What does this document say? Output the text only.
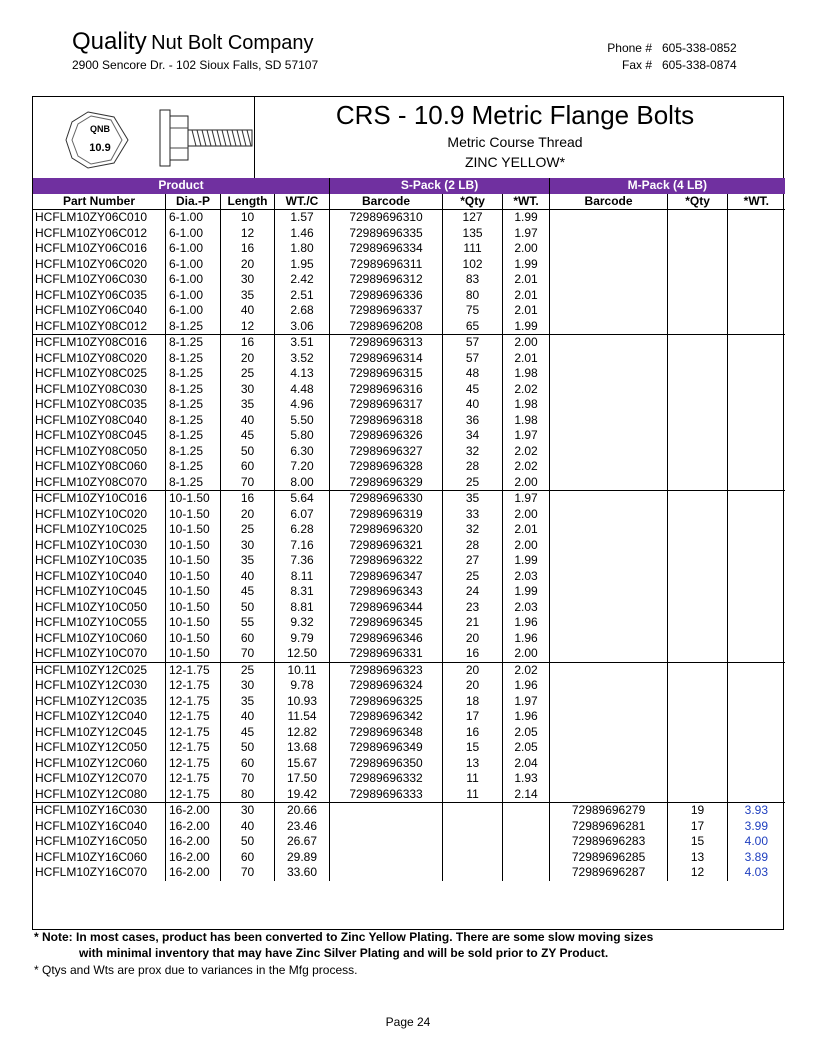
Quality Nut Bolt Company
2900 Sencore Dr. - 102 Sioux Falls, SD 57107
Phone # 605-338-0852
Fax # 605-338-0874
QNB
10.9
CRS - 10.9 Metric Flange Bolts
Metric Course Thread
ZINC YELLOW*
Product				S-Pack (2 LB)			M-Pack (4 LB)		
Part Number	Dia.-P	Length	WT./C	Barcode	*Qty	*WT.	Barcode	*Qty	*WT.
HCFLM10ZY06C010	6-1.00	10	1.57	72989696310	127	1.99			
HCFLM10ZY06C012	6-1.00	12	1.46	72989696335	135	1.97			
HCFLM10ZY06C016	6-1.00	16	1.80	72989696334	111	2.00			
HCFLM10ZY06C020	6-1.00	20	1.95	72989696311	102	1.99			
HCFLM10ZY06C030	6-1.00	30	2.42	72989696312	83	2.01			
HCFLM10ZY06C035	6-1.00	35	2.51	72989696336	80	2.01			
HCFLM10ZY06C040	6-1.00	40	2.68	72989696337	75	2.01			
HCFLM10ZY08C012	8-1.25	12	3.06	72989696208	65	1.99			
HCFLM10ZY08C016	8-1.25	16	3.51	72989696313	57	2.00			
HCFLM10ZY08C020	8-1.25	20	3.52	72989696314	57	2.01			
HCFLM10ZY08C025	8-1.25	25	4.13	72989696315	48	1.98			
HCFLM10ZY08C030	8-1.25	30	4.48	72989696316	45	2.02			
HCFLM10ZY08C035	8-1.25	35	4.96	72989696317	40	1.98			
HCFLM10ZY08C040	8-1.25	40	5.50	72989696318	36	1.98			
HCFLM10ZY08C045	8-1.25	45	5.80	72989696326	34	1.97			
HCFLM10ZY08C050	8-1.25	50	6.30	72989696327	32	2.02			
HCFLM10ZY08C060	8-1.25	60	7.20	72989696328	28	2.02			
HCFLM10ZY08C070	8-1.25	70	8.00	72989696329	25	2.00			
HCFLM10ZY10C016	10-1.50	16	5.64	72989696330	35	1.97			
HCFLM10ZY10C020	10-1.50	20	6.07	72989696319	33	2.00			
HCFLM10ZY10C025	10-1.50	25	6.28	72989696320	32	2.01			
HCFLM10ZY10C030	10-1.50	30	7.16	72989696321	28	2.00			
HCFLM10ZY10C035	10-1.50	35	7.36	72989696322	27	1.99			
HCFLM10ZY10C040	10-1.50	40	8.11	72989696347	25	2.03			
HCFLM10ZY10C045	10-1.50	45	8.31	72989696343	24	1.99			
HCFLM10ZY10C050	10-1.50	50	8.81	72989696344	23	2.03			
HCFLM10ZY10C055	10-1.50	55	9.32	72989696345	21	1.96			
HCFLM10ZY10C060	10-1.50	60	9.79	72989696346	20	1.96			
HCFLM10ZY10C070	10-1.50	70	12.50	72989696331	16	2.00			
HCFLM10ZY12C025	12-1.75	25	10.11	72989696323	20	2.02			
HCFLM10ZY12C030	12-1.75	30	9.78	72989696324	20	1.96			
HCFLM10ZY12C035	12-1.75	35	10.93	72989696325	18	1.97			
HCFLM10ZY12C040	12-1.75	40	11.54	72989696342	17	1.96			
HCFLM10ZY12C045	12-1.75	45	12.82	72989696348	16	2.05			
HCFLM10ZY12C050	12-1.75	50	13.68	72989696349	15	2.05			
HCFLM10ZY12C060	12-1.75	60	15.67	72989696350	13	2.04			
HCFLM10ZY12C070	12-1.75	70	17.50	72989696332	11	1.93			
HCFLM10ZY12C080	12-1.75	80	19.42	72989696333	11	2.14			
HCFLM10ZY16C030	16-2.00	30	20.66				72989696279	19	3.93
HCFLM10ZY16C040	16-2.00	40	23.46				72989696281	17	3.99
HCFLM10ZY16C050	16-2.00	50	26.67				72989696283	15	4.00
HCFLM10ZY16C060	16-2.00	60	29.89				72989696285	13	3.89
HCFLM10ZY16C070	16-2.00	70	33.60				72989696287	12	4.03
* Note: In most cases, product has been converted to Zinc Yellow Plating. There are some slow moving sizes
with minimal inventory that may have Zinc Silver Plating and will be sold prior to ZY Product.
* Qtys and Wts are prox due to variances in the Mfg process.
Page 24
